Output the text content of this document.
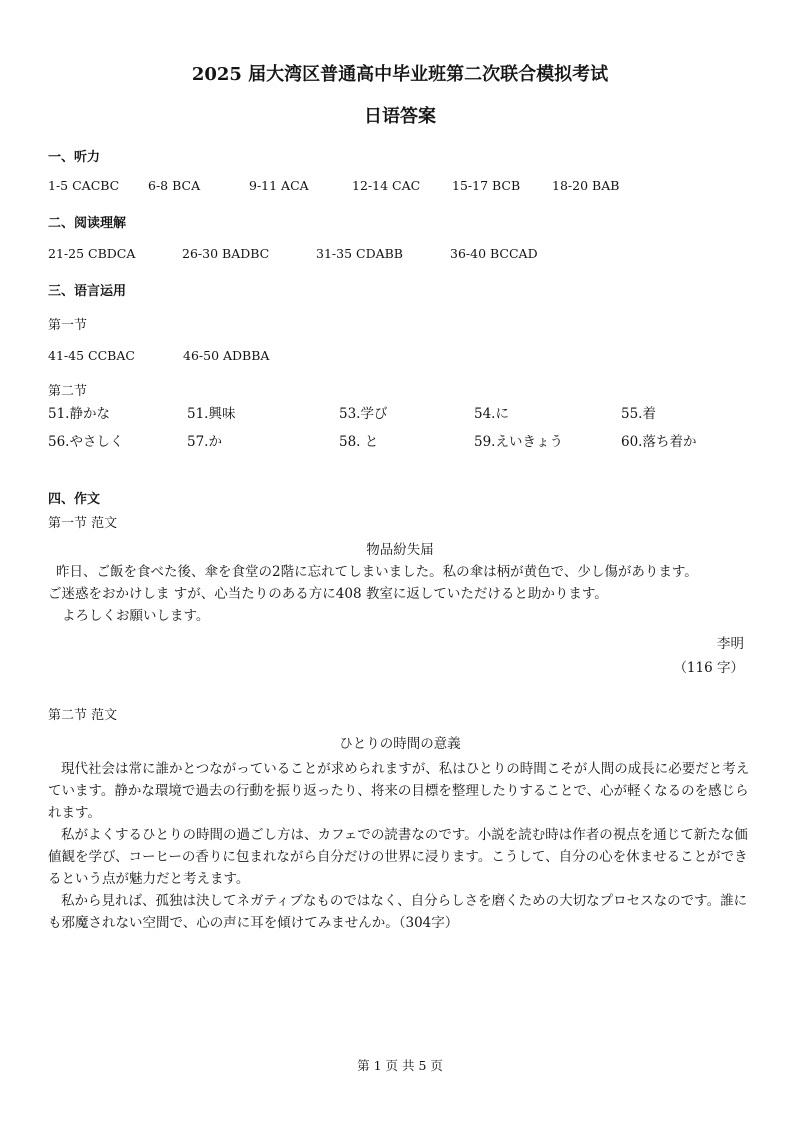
2025 届大湾区普通高中毕业班第二次联合模拟考试
日语答案
一、听力
1-5 CACBC 6-8 BCA	9-11 ACA	12-14 CAC	15-17 BCB	18-20 BAB
二、阅读理解
21-25 CBDCA	26-30 BADBC	31-35 CDABB	36-40 BCCAD
三、语言运用
第一节
41-45 CCBAC	46-50 ADBBA
第二节
51.静かな	51.興味	53.学び	54.に	55.着
56.やさしく	57.か	58. と	59.えいきょう	60.落ち着か
四、作文
第一节 范文
物品紛失届

昨日、ご飯を食べた後、傘を食堂の2階に忘れてしまいました。私の傘は柄が黄色で、少し傷があります。

ご迷惑をおかけしま すが、心当たりのある方に408 教室に返していただけると助かります。

よろしくお願いします。

李明
（116 字）
第二节 范文
ひとりの時間の意義

現代社会は常に誰かとつながっていることが求められますが、私はひとりの時間こそが人間の成長に必要だと考えています。静かな環境で過去の行動を振り返ったり、将来の目標を整理したりすることで、心が軽くなるのを感じられます。

私がよくするひとりの時間の過ごし方は、カフェでの読書なのです。小説を読む時は作者の視点を通じて新たな価値観を学び、コーヒーの香りに包まれながら自分だけの世界に浸ります。こうして、自分の心を休ませることができるという点が魅力だと考えます。

私から見れば、孤独は決してネガティブなものではなく、自分らしさを磨くための大切なプロセスなのです。誰にも邪魔されない空間で、心の声に耳を傾けてみませんか。（304字）

第 1 页 共 5 页
